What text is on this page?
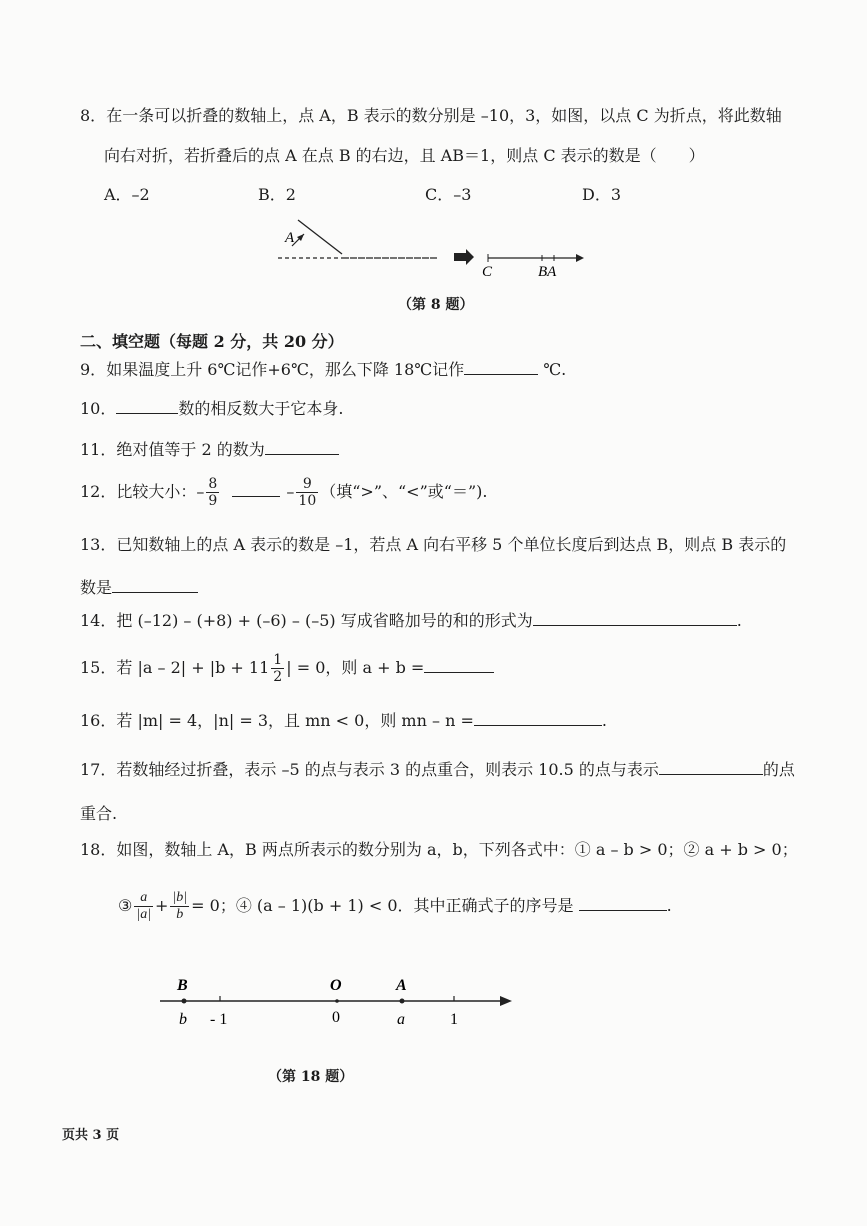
8．在一条可以折叠的数轴上，点 A，B 表示的数分别是 –10，3，如图，以点 C 为折点，将此数轴
向右对折，若折叠后的点 A 在点 B 的右边，且 AB＝1，则点 C 表示的数是（　　）
A．–2	B．2	C．–3	D．3
A
C	BA
（第 8 题）
二、填空题（每题 2 分，共 20 分）
9．如果温度上升 6℃记作+6℃，那么下降 18℃记作	℃.
10．	数的相反数大于它本身.
11．绝对值等于 2 的数为
12．比较大小：– $\frac{8}{9}$	– $\frac{9}{10}$ （填“>”、“<”或“＝”).
13．已知数轴上的点 A 表示的数是 –1，若点 A 向右平移 5 个单位长度后到达点 B，则点 B 表示的
数是
14．把 (–12) – (+8) + (–6) – (–5) 写成省略加号的和的形式为	.
15．若 $|a - 2| + |b + 11 \frac{1}{2}$ | = 0，则 a + b =
16．若 |m| = 4，|n| = 3，且 mn < 0，则 mn – n =	.
17．若数轴经过折叠，表示 –5 的点与表示 3 的点重合，则表示 10.5 的点与表示	的点
重合.
18．如图，数轴上 A，B 两点所表示的数分别为 a，b，下列各式中：① a – b > 0；② a + b > 0；
③ $\frac{a}{|a|} + \frac{|b|}{b} = 0$；④ (a – 1)(b + 1) < 0．其中正确式子的序号是	.
B	O	A
b - 1	0	a	1
（第 18 题）
页共 3 页
